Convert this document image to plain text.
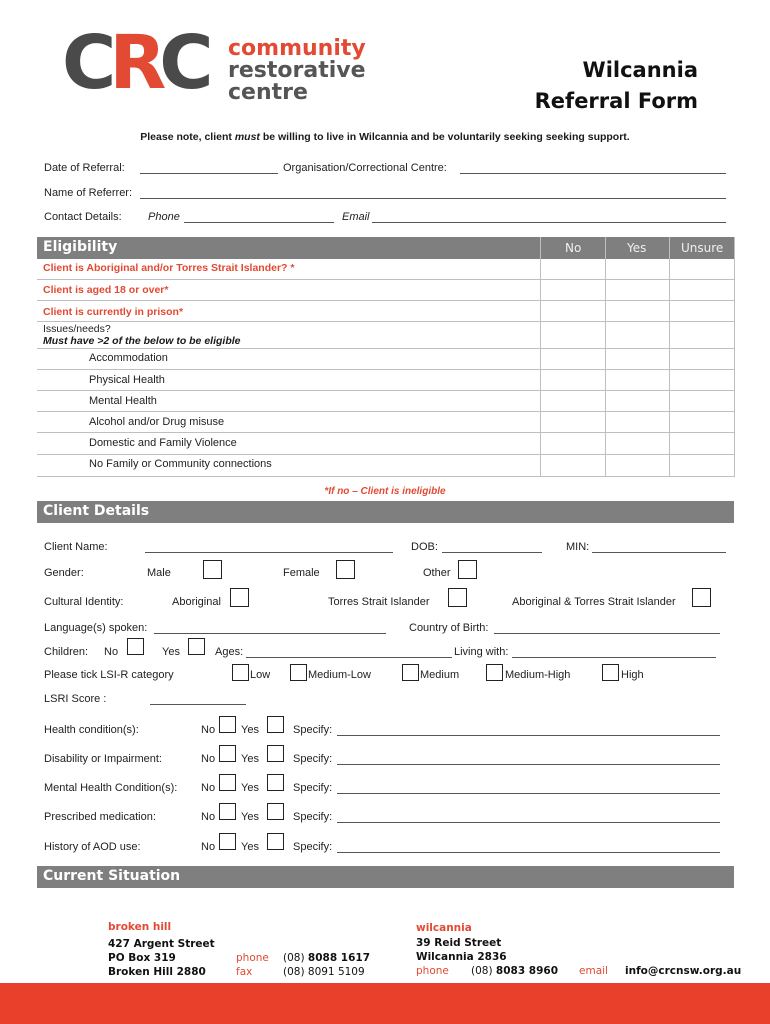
CRC community
restorative
centre
Wilcannia
Referral Form
Please note, client must be willing to live in Wilcannia and be voluntarily seeking seeking support.
Date of Referral:	Organisation/Correctional Centre:
Name of Referrer:
Contact Details: Phone	Email
Eligibility	No	Yes	Unsure
Client is Aboriginal and/or Torres Strait Islander? *
Client is aged 18 or over*
Client is currently in prison*
Issues/needs?
Must have >2 of the below to be eligible
Accommodation
Physical Health
Mental Health
Alcohol and/or Drug misuse
Domestic and Family Violence
No Family or Community connections
*If no – Client is ineligible
Client Details
Client Name:	DOB:	MIN:
Gender:	Male	Female	Other
Cultural Identity:	Aboriginal	Torres Strait Islander	Aboriginal & Torres Strait Islander
Language(s) spoken:	Country of Birth:
Children: No	Yes	Ages:	Living with:
Please tick LSI-R category	Low	Medium-Low	Medium	Medium-High	High
LSRI Score :
Health condition(s):	No Yes	Specify:
Disability or Impairment:	No Yes	Specify:
Mental Health Condition(s): No Yes	Specify:
Prescribed medication:	No Yes	Specify:
History of AOD use:	No Yes	Specify:
Current Situation
broken hill
427 Argent Street
PO Box 319
Broken Hill 2880
phone
fax
(08) 8088 1617
(08) 8091 5109
wilcannia
39 Reid Street
Wilcannia 2836
phone (08) 8083 8960 email info@crcnsw.org.au
